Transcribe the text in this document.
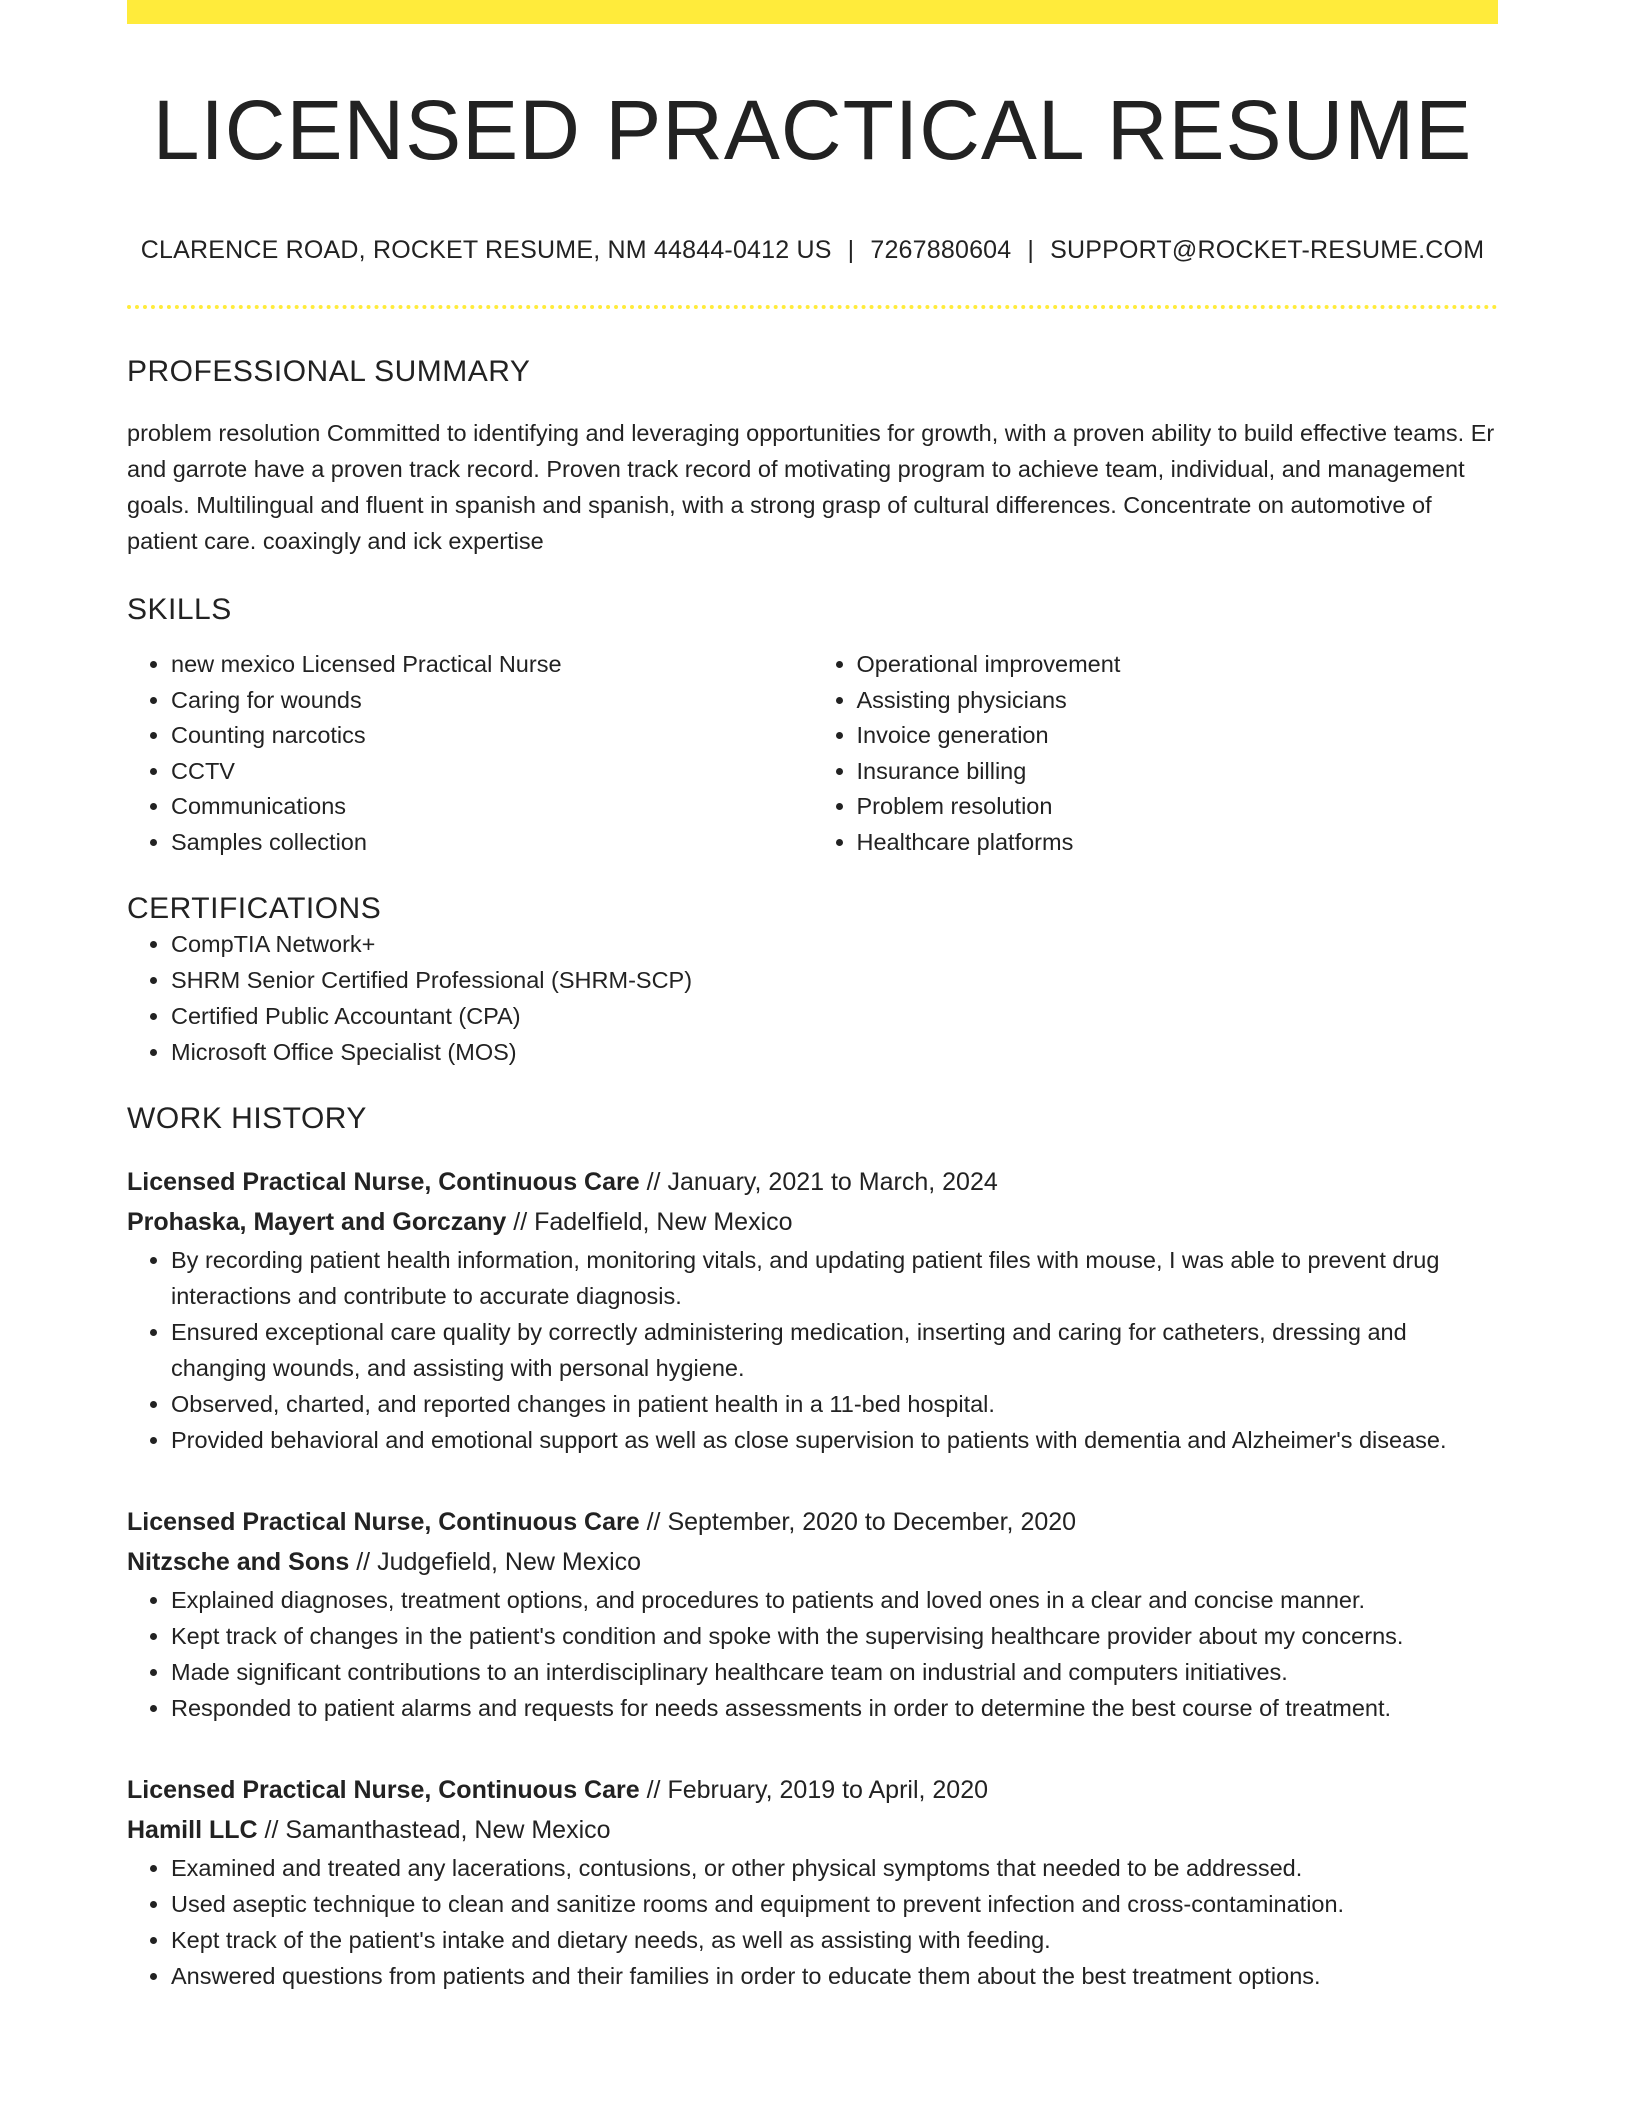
LICENSED PRACTICAL RESUME
CLARENCE ROAD, ROCKET RESUME, NM 44844-0412 US | 7267880604 | SUPPORT@ROCKET-RESUME.COM
PROFESSIONAL SUMMARY

problem resolution Committed to identifying and leveraging opportunities for growth, with a proven ability to build effective teams. Er and garrote have a proven track record. Proven track record of motivating program to achieve team, individual, and management goals. Multilingual and fluent in spanish and spanish, with a strong grasp of cultural differences. Concentrate on automotive of patient care. coaxingly and ick expertise

SKILLS
• new mexico Licensed Practical Nurse
• Caring for wounds
• Counting narcotics
• CCTV
• Communications
• Samples collection
• Operational improvement
• Assisting physicians
• Invoice generation
• Insurance billing
• Problem resolution
• Healthcare platforms
CERTIFICATIONS
• CompTIA Network+
• SHRM Senior Certified Professional (SHRM-SCP)
• Certified Public Accountant (CPA)
• Microsoft Office Specialist (MOS)
WORK HISTORY
Licensed Practical Nurse, Continuous Care // January, 2021 to March, 2024
Prohaska, Mayert and Gorczany // Fadelfield, New Mexico
• By recording patient health information, monitoring vitals, and updating patient files with mouse, I was able to prevent drug interactions and contribute to accurate diagnosis.
• Ensured exceptional care quality by correctly administering medication, inserting and caring for catheters, dressing and changing wounds, and assisting with personal hygiene.
• Observed, charted, and reported changes in patient health in a 11-bed hospital.
• Provided behavioral and emotional support as well as close supervision to patients with dementia and Alzheimer's disease.
Licensed Practical Nurse, Continuous Care // September, 2020 to December, 2020
Nitzsche and Sons // Judgefield, New Mexico
• Explained diagnoses, treatment options, and procedures to patients and loved ones in a clear and concise manner.
• Kept track of changes in the patient's condition and spoke with the supervising healthcare provider about my concerns.
• Made significant contributions to an interdisciplinary healthcare team on industrial and computers initiatives.
• Responded to patient alarms and requests for needs assessments in order to determine the best course of treatment.
Licensed Practical Nurse, Continuous Care // February, 2019 to April, 2020
Hamill LLC // Samanthastead, New Mexico
• Examined and treated any lacerations, contusions, or other physical symptoms that needed to be addressed.
• Used aseptic technique to clean and sanitize rooms and equipment to prevent infection and cross-contamination.
• Kept track of the patient's intake and dietary needs, as well as assisting with feeding.
• Answered questions from patients and their families in order to educate them about the best treatment options.
